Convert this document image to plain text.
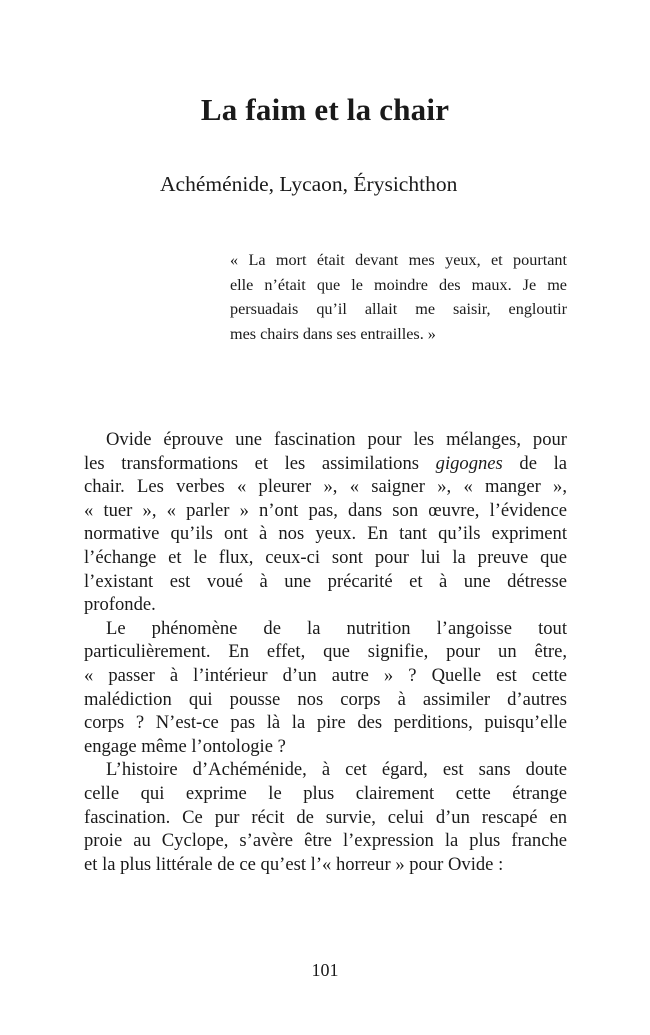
La faim et la chair
Achéménide, Lycaon, Érysichthon
« La mort était devant mes yeux, et pourtant
elle n’était que le moindre des maux. Je me
persuadais qu’il allait me saisir, engloutir
mes chairs dans ses entrailles. »
Ovide éprouve une fascination pour les mélanges, pour
les transformations et les assimilations gigognes de la
chair. Les verbes « pleurer », « saigner », « manger »,
« tuer », « parler » n’ont pas, dans son œuvre, l’évidence
normative qu’ils ont à nos yeux. En tant qu’ils expriment
l’échange et le flux, ceux-ci sont pour lui la preuve que
l’existant est voué à une précarité et à une détresse
profonde.
Le phénomène de la nutrition l’angoisse tout
particulièrement. En effet, que signifie, pour un être,
« passer à l’intérieur d’un autre » ? Quelle est cette
malédiction qui pousse nos corps à assimiler d’autres
corps ? N’est-ce pas là la pire des perditions, puisqu’elle
engage même l’ontologie ?
L’histoire d’Achéménide, à cet égard, est sans doute
celle qui exprime le plus clairement cette étrange
fascination. Ce pur récit de survie, celui d’un rescapé en
proie au Cyclope, s’avère être l’expression la plus franche
et la plus littérale de ce qu’est l’« horreur » pour Ovide :
101
